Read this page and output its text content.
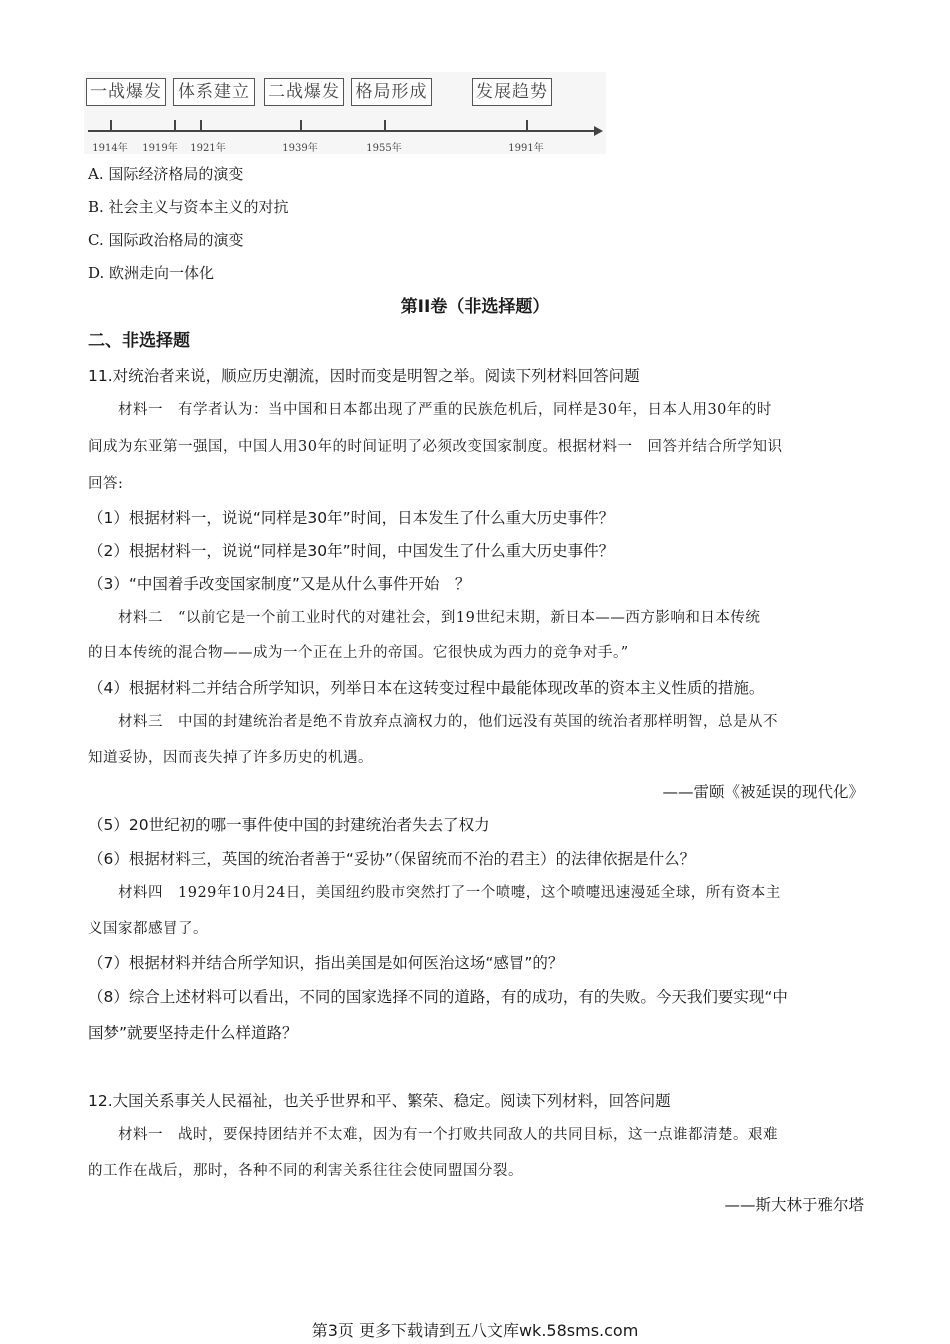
一战爆发 体系建立 二战爆发 格局形成	发展趋势
1914年 1919年 1921年	1939年	1955年	1991年
A. 国际经济格局的演变
B. 社会主义与资本主义的对抗
C. 国际政治格局的演变
D. 欧洲走向一体化
第II卷（非选择题）
二、非选择题
11.对统治者来说，顺应历史潮流，因时而变是明智之举。阅读下列材料回答问题
材料一　有学者认为：当中国和日本都出现了严重的民族危机后，同样是30年，日本人用30年的时
间成为东亚第一强国，中国人用30年的时间证明了必须改变国家制度。根据材料一　回答并结合所学知识
回答:
（1）根据材料一，说说“同样是30年”时间，日本发生了什么重大历史事件？
（2）根据材料一，说说“同样是30年”时间，中国发生了什么重大历史事件？
（3）“中国着手改变国家制度”又是从什么事件开始　？
材料二　“以前它是一个前工业时代的对建社会，到19世纪末期，新日本——西方影响和日本传统
的日本传统的混合物——成为一个正在上升的帝国。它很快成为西力的竞争对手。”
（4）根据材料二并结合所学知识，列举日本在这转变过程中最能体现改革的资本主义性质的措施。
材料三　中国的封建统治者是绝不肯放弃点滴权力的，他们远没有英国的统治者那样明智，总是从不
知道妥协，因而丧失掉了许多历史的机遇。
——雷颐《被延误的现代化》
（5）20世纪初的哪一事件使中国的封建统治者失去了权力
（6）根据材料三，英国的统治者善于“妥协”（保留统而不治的君主）的法律依据是什么？
材料四　1929年10月24日，美国纽约股市突然打了一个喷嚏，这个喷嚏迅速漫延全球，所有资本主
义国家都感冒了。
（7）根据材料并结合所学知识，指出美国是如何医治这场“感冒”的？
（8）综合上述材料可以看出，不同的国家选择不同的道路，有的成功，有的失败。今天我们要实现“中
国梦”就要坚持走什么样道路？
12.大国关系事关人民福祉，也关乎世界和平、繁荣、稳定。阅读下列材料，回答问题
材料一　战时，要保持团结并不太难，因为有一个打败共同敌人的共同目标，这一点谁都清楚。艰难
的工作在战后，那时，各种不同的利害关系往往会使同盟国分裂。
——斯大林于雅尔塔
第3页 更多下载请到五八文库wk.58sms.com
